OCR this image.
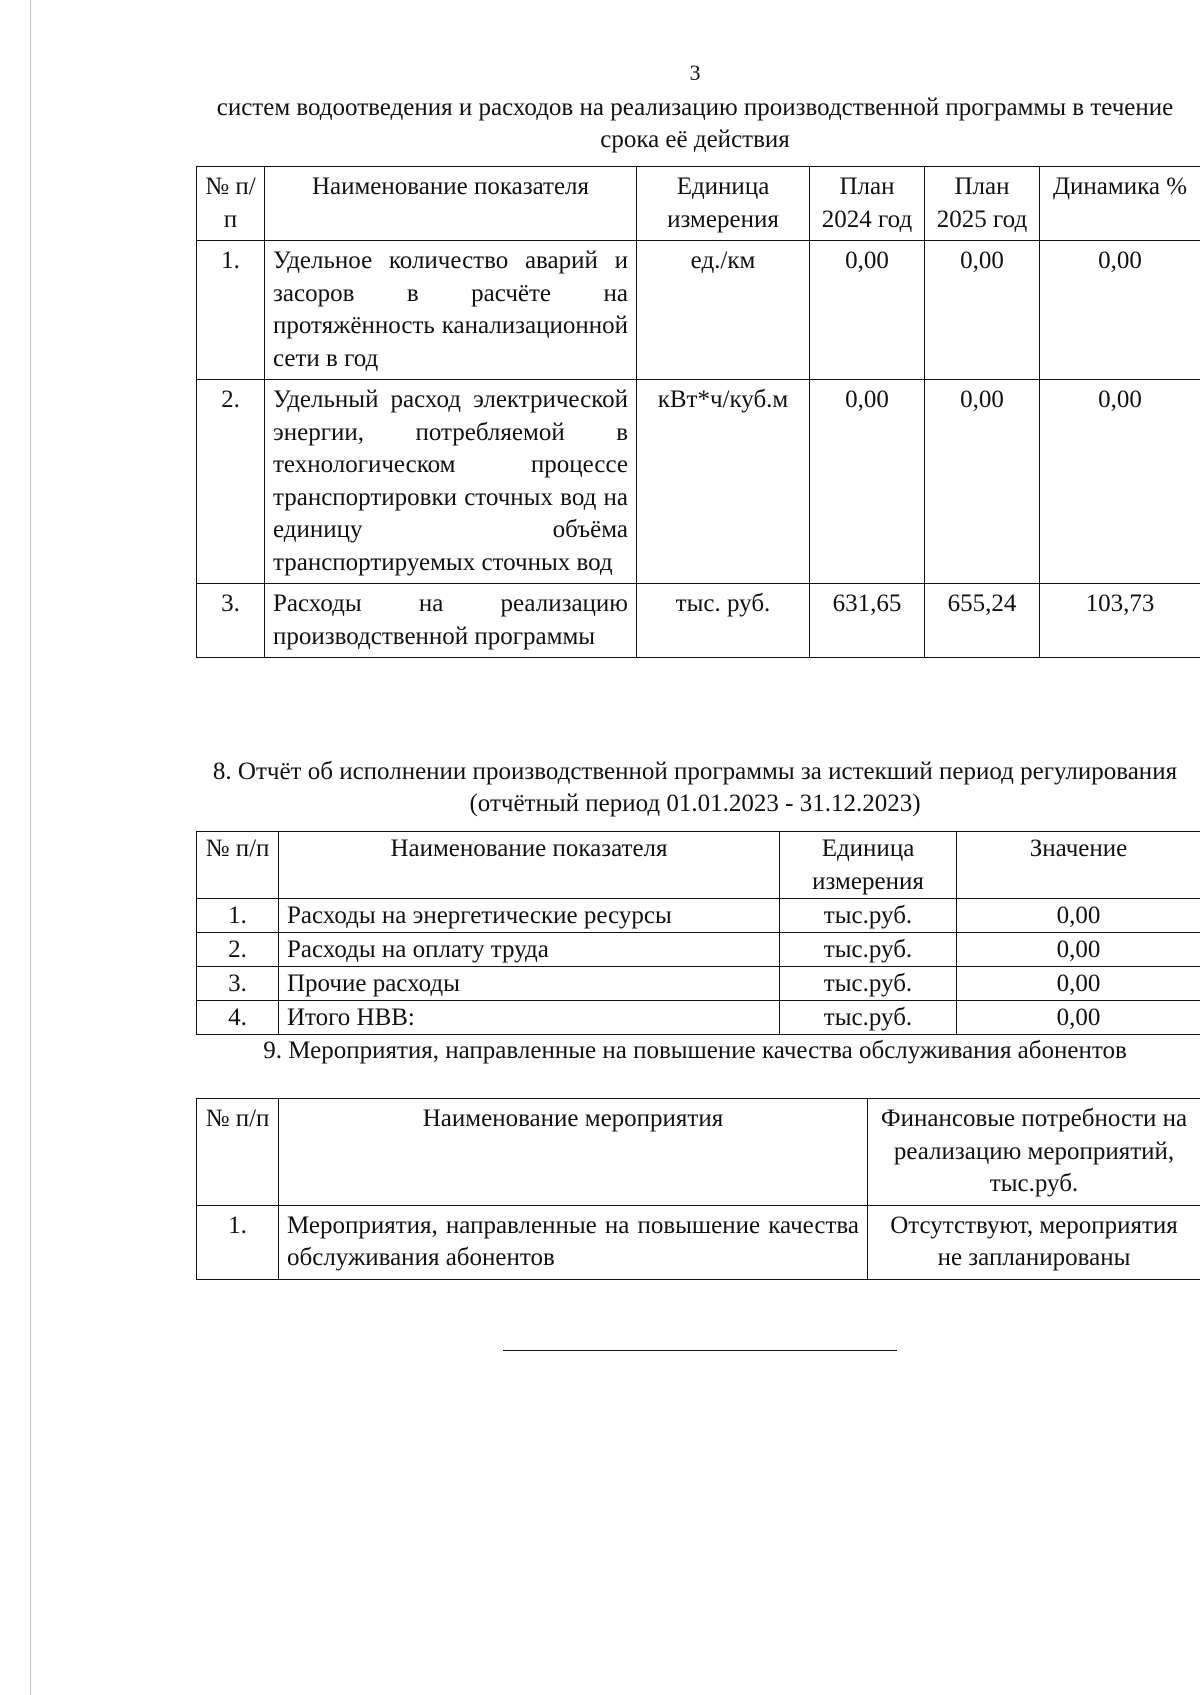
3
систем водоотведения и расходов на реализацию производственной программы в течение срока её действия
№ п/п	Наименование показателя	Единица измерения	План 2024 год	План 2025 год	Динамика %
1.	Удельное количество аварий и засоров в расчёте на протяжённость канализационной сети в год	ед./км	0,00	0,00	0,00
2.	Удельный расход электрической энергии, потребляемой в технологическом процессе транспортировки сточных вод на единицу объёма транспортируемых сточных вод	кВт*ч/куб.м	0,00	0,00	0,00
3.	Расходы на реализацию производственной программы	тыс. руб.	631,65	655,24	103,73
8. Отчёт об исполнении производственной программы за истекший период регулирования (отчётный период 01.01.2023 - 31.12.2023)
№ п/п	Наименование показателя	Единица измерения	Значение
1.	Расходы на энергетические ресурсы	тыс.руб.	0,00
2.	Расходы на оплату труда	тыс.руб.	0,00
3.	Прочие расходы	тыс.руб.	0,00
4.	Итого НВВ:	тыс.руб.	0,00
9. Мероприятия, направленные на повышение качества обслуживания абонентов
№ п/п	Наименование мероприятия	Финансовые потребности на реализацию мероприятий, тыс.руб.
1.	Мероприятия, направленные на повышение качества обслуживания абонентов	Отсутствуют, мероприятия не запланированы
